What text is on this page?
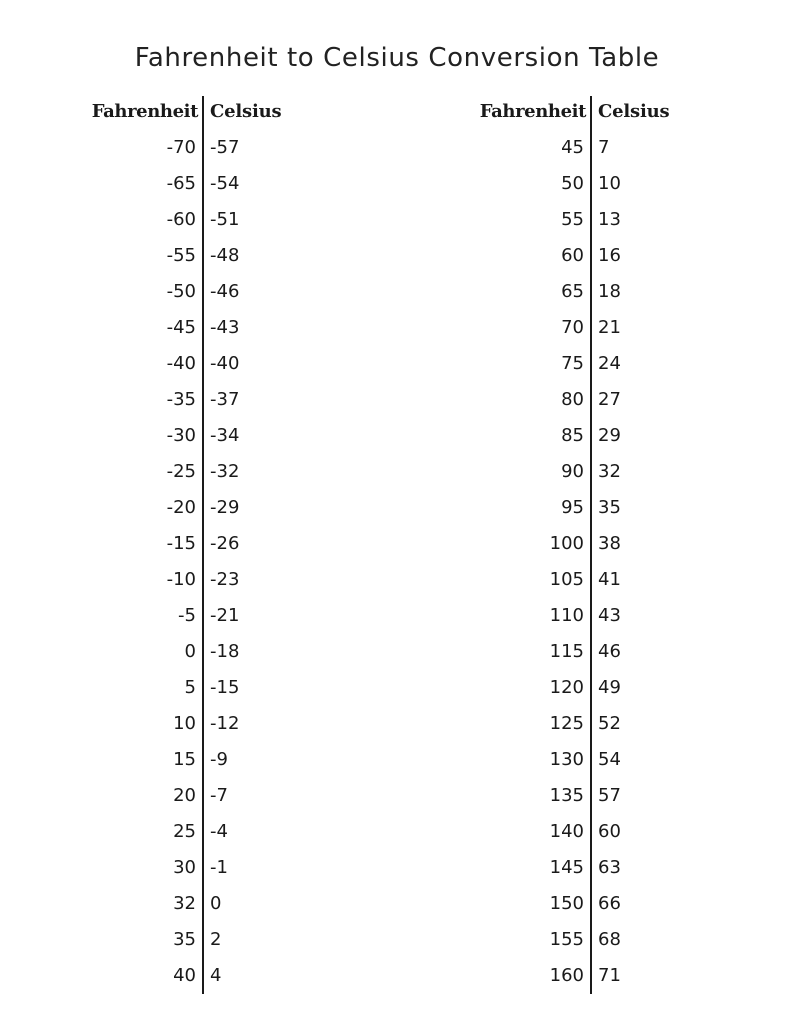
Fahrenheit to Celsius Conversion Table
Fahrenheit Celsius
-70 -57
-65 -54
-60 -51
-55 -48
-50 -46
-45 -43
-40 -40
-35 -37
-30 -34
-25 -32
-20 -29
-15 -26
-10 -23
-5 -21
0 -18
5 -15
10 -12
15 -9
20 -7
25 -4
30 -1
32 0
35 2
40 4
Fahrenheit Celsius
45 7
50 10
55 13
60 16
65 18
70 21
75 24
80 27
85 29
90 32
95 35
100 38
105 41
110 43
115 46
120 49
125 52
130 54
135 57
140 60
145 63
150 66
155 68
160 71
